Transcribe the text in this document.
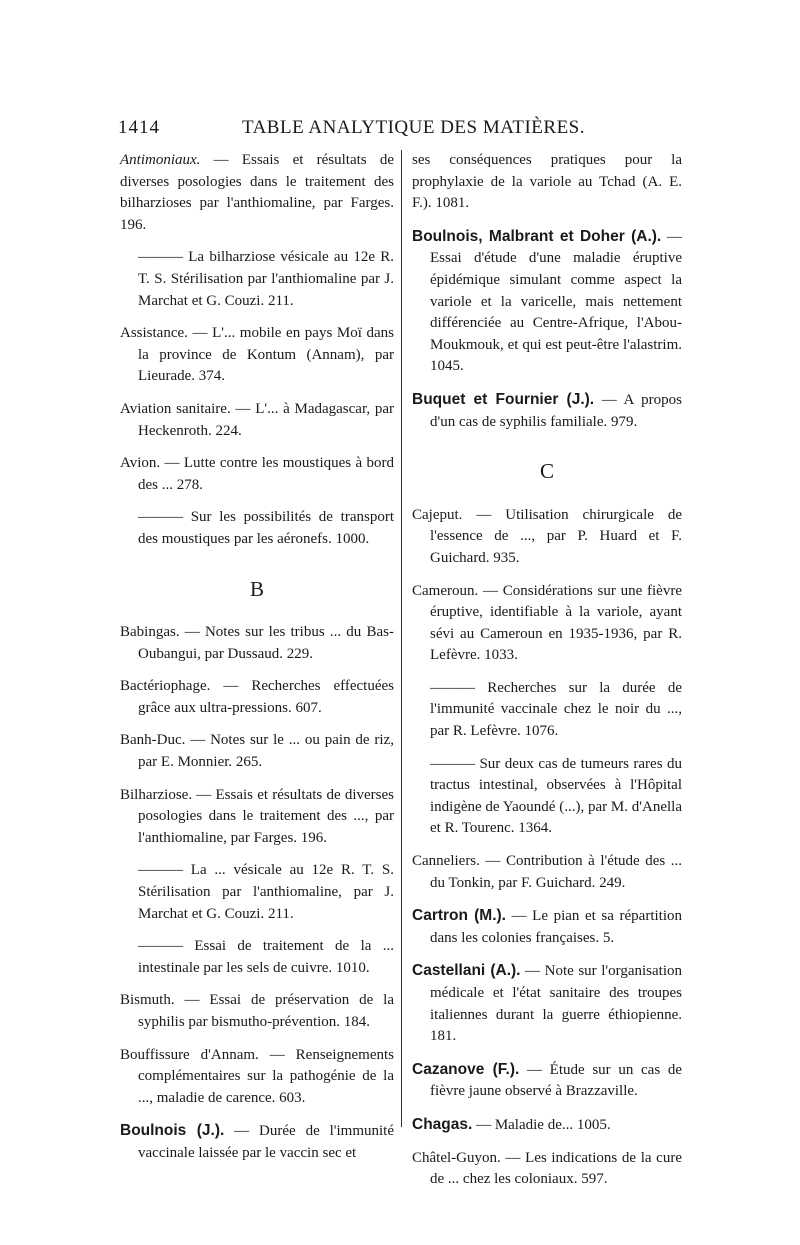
1414	TABLE ANALYTIQUE DES MATIÈRES.
Antimoniaux. — Essais et résultats de diverses posologies dans le traitement des bilharzioses par l'anthiomaline, par Farges. 196.
——— La bilharziose vésicale au 12e R. T. S. Stérilisation par l'anthiomaline par J. Marchat et G. Couzi. 211.
Assistance. — L'... mobile en pays Moï dans la province de Kontum (Annam), par Lieurade. 374.
Aviation sanitaire. — L'... à Madagascar, par Heckenroth. 224.
Avion. — Lutte contre les moustiques à bord des ... 278.
——— Sur les possibilités de transport des moustiques par les aéronefs. 1000.
B
Babingas. — Notes sur les tribus ... du Bas-Oubangui, par Dussaud. 229.
Bactériophage. — Recherches effectuées grâce aux ultra-pressions. 607.
Banh-Duc. — Notes sur le ... ou pain de riz, par E. Monnier. 265.
Bilharziose. — Essais et résultats de diverses posologies dans le traitement des ..., par l'anthiomaline, par Farges. 196.
——— La ... vésicale au 12e R. T. S. Stérilisation par l'anthiomaline, par J. Marchat et G. Couzi. 211.
——— Essai de traitement de la ... intestinale par les sels de cuivre. 1010.
Bismuth. — Essai de préservation de la syphilis par bismutho-prévention. 184.
Bouffissure d'Annam. — Renseignements complémentaires sur la pathogénie de la ..., maladie de carence. 603.
Boulnois (J.). — Durée de l'immunité vaccinale laissée par le vaccin sec et
ses conséquences pratiques pour la prophylaxie de la variole au Tchad (A. E. F.). 1081.
Boulnois, Malbrant et Doher (A.). — Essai d'étude d'une maladie éruptive épidémique simulant comme aspect la variole et la varicelle, mais nettement différenciée au Centre-Afrique, l'Abou-Moukmouk, et qui est peut-être l'alastrim. 1045.
Buquet et Fournier (J.). — A propos d'un cas de syphilis familiale. 979.
C
Cajeput. — Utilisation chirurgicale de l'essence de ..., par P. Huard et F. Guichard. 935.
Cameroun. — Considérations sur une fièvre éruptive, identifiable à la variole, ayant sévi au Cameroun en 1935-1936, par R. Lefèvre. 1033.
——— Recherches sur la durée de l'immunité vaccinale chez le noir du ..., par R. Lefèvre. 1076.
——— Sur deux cas de tumeurs rares du tractus intestinal, observées à l'Hôpital indigène de Yaoundé (...), par M. d'Anella et R. Tourenc. 1364.
Canneliers. — Contribution à l'étude des ... du Tonkin, par F. Guichard. 249.
Cartron (M.). — Le pian et sa répartition dans les colonies françaises. 5.
Castellani (A.). — Note sur l'organisation médicale et l'état sanitaire des troupes italiennes durant la guerre éthiopienne. 181.
Cazanove (F.). — Étude sur un cas de fièvre jaune observé à Brazzaville.
Chagas. — Maladie de... 1005.
Châtel-Guyon. — Les indications de la cure de ... chez les coloniaux. 597.
